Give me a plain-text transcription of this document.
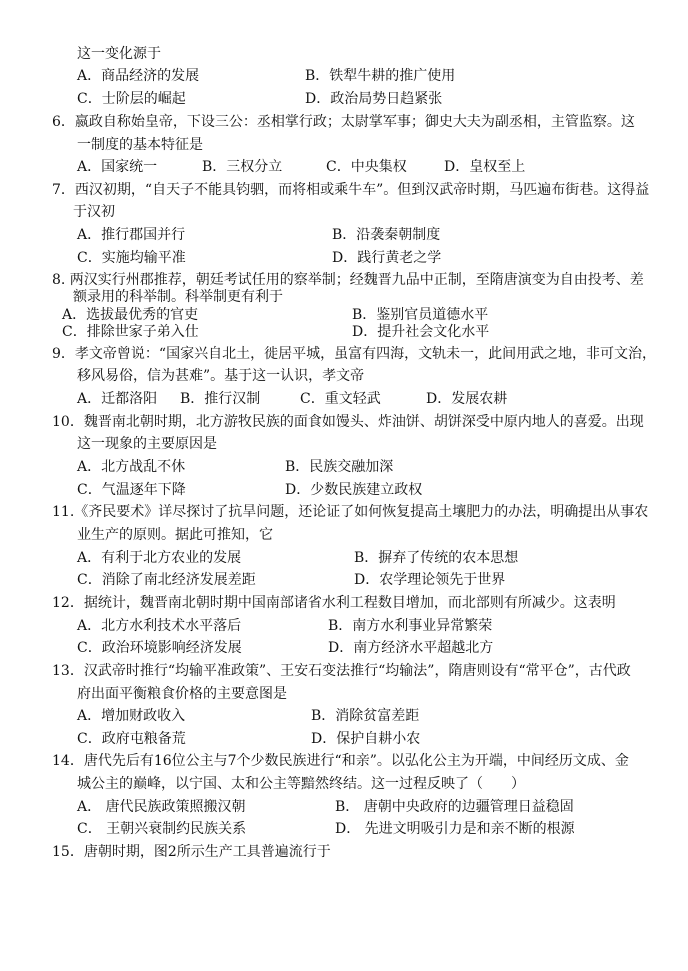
这一变化源于
A．商品经济的发展	B．铁犁牛耕的推广使用
C．士阶层的崛起	D．政治局势日趋紧张
6．嬴政自称始皇帝，下设三公：丞相掌行政；太尉掌军事；御史大夫为副丞相，主管监察。这
一制度的基本特征是
A．国家统一	B．三权分立	C．中央集权	D．皇权至上
7．西汉初期，“自天子不能具钧驷，而将相或乘牛车”。但到汉武帝时期，马匹遍布街巷。这得益
于汉初
A．推行郡国并行	B．沿袭秦朝制度
C．实施均输平准	D．践行黄老之学
8. 两汉实行州郡推荐，朝廷考试任用的察举制；经魏晋九品中正制，至隋唐演变为自由投考、差
额录用的科举制。科举制更有利于
A．选拔最优秀的官吏	B．鉴别官员道德水平
C．排除世家子弟入仕	D．提升社会文化水平
9．孝文帝曾说：“国家兴自北土，徙居平城，虽富有四海，文轨未一，此间用武之地，非可文治，
移风易俗，信为甚难”。基于这一认识，孝文帝
A．迁都洛阳 B．推行汉制	C．重文轻武	D．发展农耕
10．魏晋南北朝时期，北方游牧民族的面食如馒头、炸油饼、胡饼深受中原内地人的喜爱。出现
这一现象的主要原因是
A．北方战乱不休	B．民族交融加深
C．气温逐年下降	D．少数民族建立政权
11.《齐民要术》详尽探讨了抗旱问题，还论证了如何恢复提高土壤肥力的办法，明确提出从事农
业生产的原则。据此可推知，它
A．有利于北方农业的发展	B．摒弃了传统的农本思想
C．消除了南北经济发展差距	D．农学理论领先于世界
12．据统计，魏晋南北朝时期中国南部诸省水利工程数目增加，而北部则有所减少。这表明
A．北方水利技术水平落后	B．南方水利事业异常繁荣
C．政治环境影响经济发展	D．南方经济水平超越北方
13．汉武帝时推行“均输平准政策”、王安石变法推行“均输法”，隋唐则设有“常平仓”，古代政
府出面平衡粮食价格的主要意图是
A．增加财政收入	B．消除贫富差距
C．政府屯粮备荒	D．保护自耕小农
14．唐代先后有16位公主与7个少数民族进行“和亲”。以弘化公主为开端，中间经历文成、金
城公主的巅峰，以宁国、太和公主等黯然终结。这一过程反映了（　　）
A． 唐代民族政策照搬汉朝	B． 唐朝中央政府的边疆管理日益稳固
C． 王朝兴衰制约民族关系	D． 先进文明吸引力是和亲不断的根源
15．唐朝时期，图2所示生产工具普遍流行于
